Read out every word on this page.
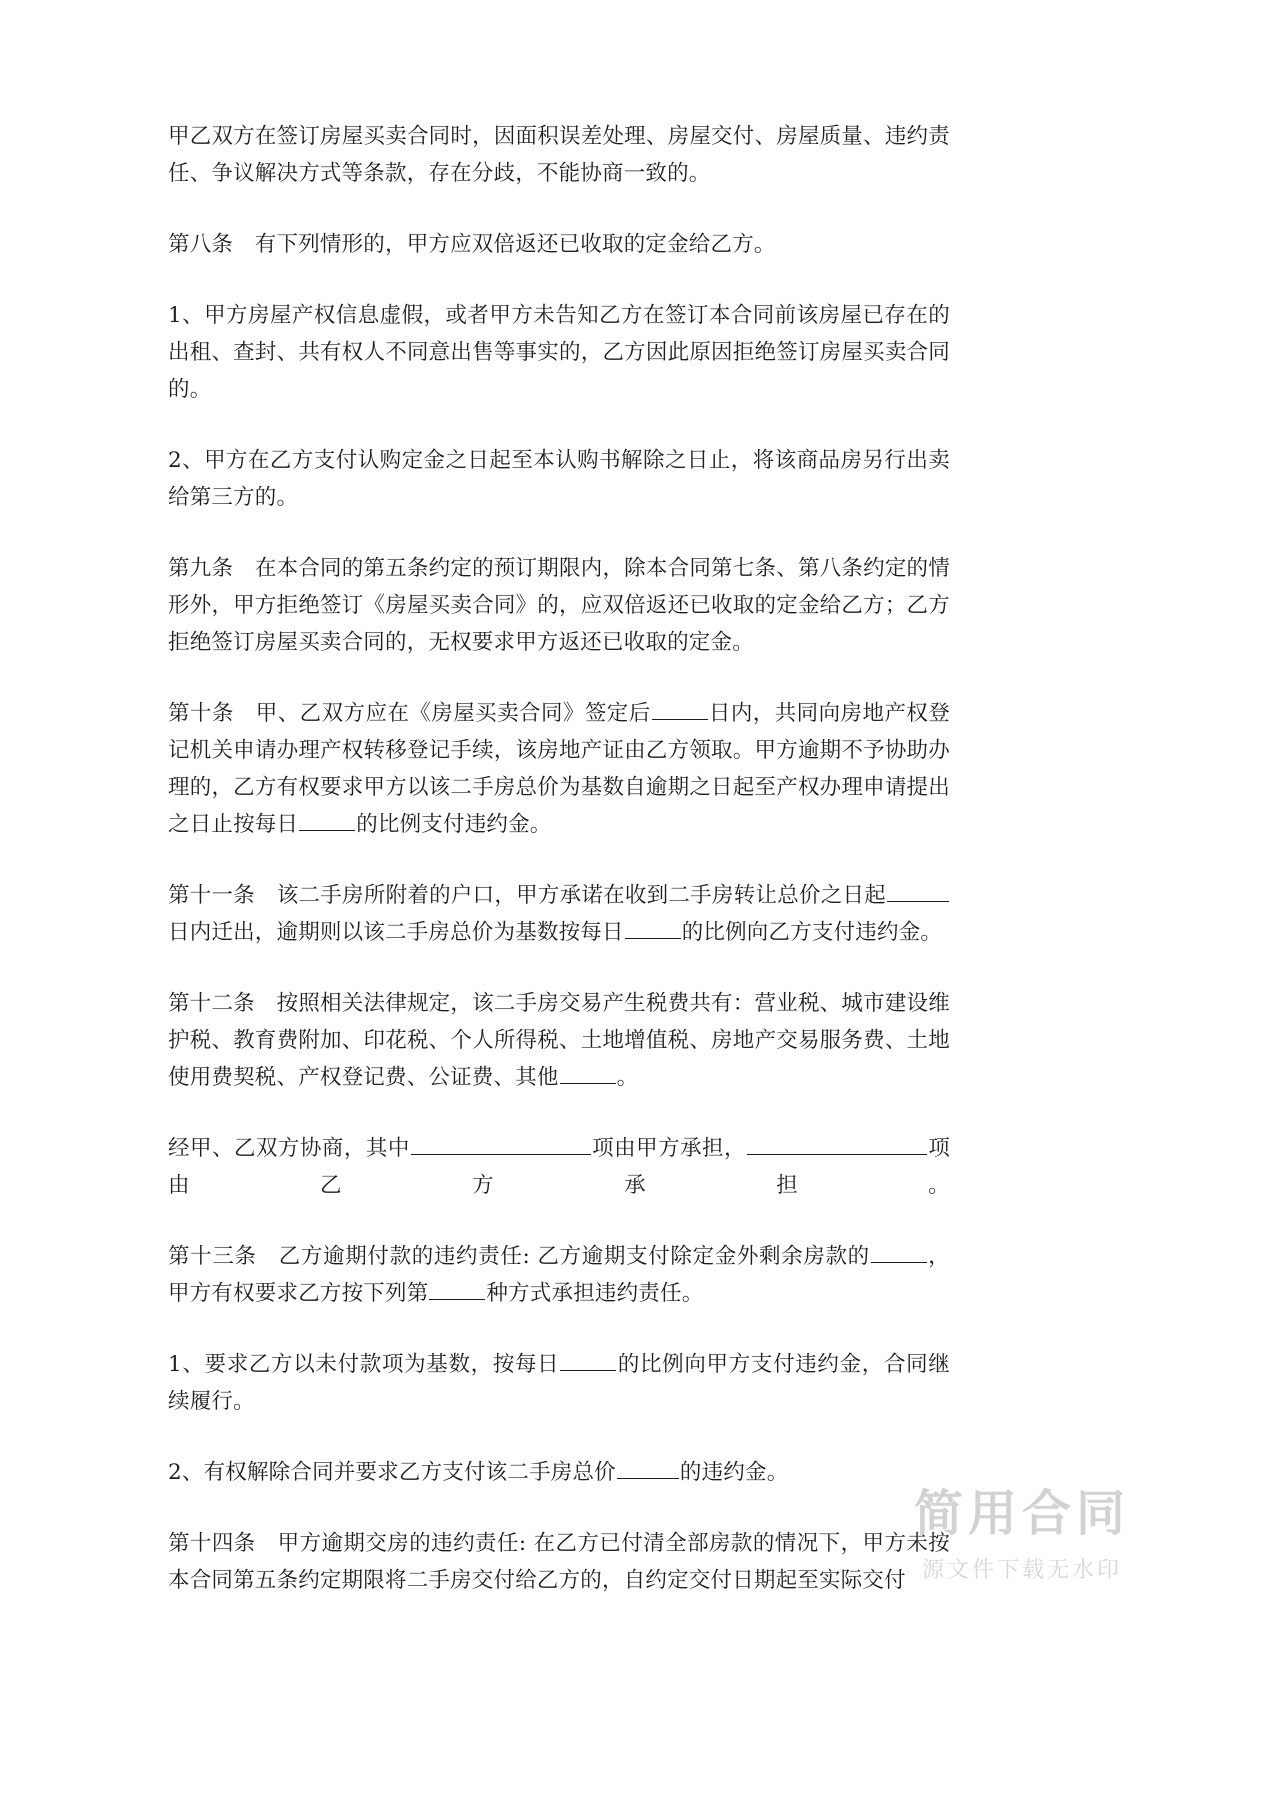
甲乙双方在签订房屋买卖合同时，因面积误差处理、房屋交付、房屋质量、违约责任、争议解决方式等条款，存在分歧，不能协商一致的。

第八条　有下列情形的，甲方应双倍返还已收取的定金给乙方。

1、甲方房屋产权信息虚假，或者甲方未告知乙方在签订本合同前该房屋已存在的出租、查封、共有权人不同意出售等事实的，乙方因此原因拒绝签订房屋买卖合同的。

2、甲方在乙方支付认购定金之日起至本认购书解除之日止，将该商品房另行出卖给第三方的。

第九条　在本合同的第五条约定的预订期限内，除本合同第七条、第八条约定的情形外，甲方拒绝签订《房屋买卖合同》的，应双倍返还已收取的定金给乙方；乙方拒绝签订房屋买卖合同的，无权要求甲方返还已收取的定金。

第十条　甲、乙双方应在《房屋买卖合同》签定后	日内，共同向房地产权登记机关申请办理产权转移登记手续，该房地产证由乙方领取。甲方逾期不予协助办理的，乙方有权要求甲方以该二手房总价为基数自逾期之日起至产权办理申请提出之日止按每日	的比例支付违约金。

第十一条　该二手房所附着的户口，甲方承诺在收到二手房转让总价之日起日内迁出，逾期则以该二手房总价为基数按每日	的比例向乙方支付违约金。

第十二条　按照相关法律规定，该二手房交易产生税费共有：营业税、城市建设维护税、教育费附加、印花税、个人所得税、土地增值税、房地产交易服务费、土地使用费契税、产权登记费、公证费、其他	。

经甲、乙双方协商，其中	项由甲方承担，	项由乙方承担。

第十三条　乙方逾期付款的违约责任: 乙方逾期支付除定金外剩余房款的	，甲方有权要求乙方按下列第	种方式承担违约责任。

1、要求乙方以未付款项为基数，按每日	的比例向甲方支付违约金，合同继续履行。

2、有权解除合同并要求乙方支付该二手房总价	的违约金。

第十四条　甲方逾期交房的违约责任: 在乙方已付清全部房款的情况下，甲方未按本合同第五条约定期限将二手房交付给乙方的，自约定交付日期起至实际交付

简用合同
源文件下载无水印
